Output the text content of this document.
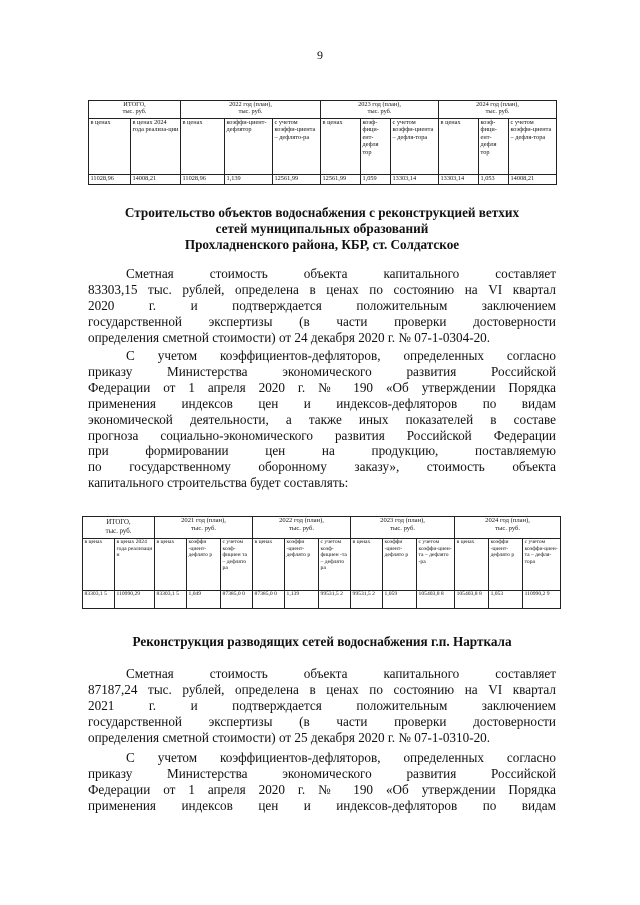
9
ИТОГО,
тыс. руб.		2022 год (план),
тыс. руб.			2023 год (план),
тыс. руб.			2024 год (план),
тыс. руб.		

в ценах	в ценах 2024 года реализа-ции	в ценах	коэффи-циент-дефлятор	с учетом коэффи-циента – дефлято-ра	в ценах	коэф-фици-ент-дефля тор	с учетом коэффи-циента – дефля-тора	в ценах	коэф-фици-ент-дефля тор	с учетом коэффи-циента – дефля-тора
11028,96	14008,21	11028,96	1,139	12561,99	12561,99	1,059	13303,14	13303,14	1,053	14008,21
Строительство объектов водоснабжения с реконструкцией ветхих
сетей муниципальных образований
Прохладненского района, КБР, ст. Солдатское
Сметная стоимость объекта капитального составляет
83303,15 тыс. рублей, определена в ценах по состоянию на VI квартал
2020 г. и подтверждается положительным заключением
государственной экспертизы (в части проверки достоверности
определения сметной стоимости) от 24 декабря 2020 г. № 07-1-0304-20.
С учетом коэффициентов-дефляторов, определенных согласно
приказу Министерства экономического развития Российской
Федерации от 1 апреля 2020 г. № 190 «Об утверждении Порядка
применения индексов цен и индексов-дефляторов по видам
экономической деятельности, а также иных показателей в составе
прогноза социально-экономического развития Российской Федерации
при формировании цен на продукцию, поставляемую
по государственному оборонному заказу», стоимость объекта
капитального строительства будет составлять:
ИТОГО,
тыс. руб.		2021 год (план),
тыс. руб.			2022 год (план),
тыс. руб.			2023 год (план),
тыс. руб.			2024 год (план),
тыс. руб.		

в ценах	в ценах 2024 года реализаци и	в ценах	коэффи -циент-дефлято р	с учетом коэф-фициен та – дефлято ра	в ценах	коэффи -циент-дефлято р	с учетом коэф-фициен -та – дефлято ра	в ценах	коэффи -циент-дефлято р	с учетом коэффи-циен-та – дефлято -ра	в ценах	коэффи -циент-дефлято р	с учетом коэффи-циен-та – дефля-тора
83303,1 5	110990,29	83303,1 5	1,049	87385,0 0	87385,0 0	1,139	99531,5 2	99531,5 2	1,059	105403,8 8	105403,8 8	1,053	110990,2 9
Реконструкция разводящих сетей водоснабжения г.п. Нарткала
Сметная стоимость объекта капитального составляет
87187,24 тыс. рублей, определена в ценах по состоянию на VI квартал
2021 г. и подтверждается положительным заключением
государственной экспертизы (в части проверки достоверности
определения сметной стоимости) от 25 декабря 2020 г. № 07-1-0310-20.
С учетом коэффициентов-дефляторов, определенных согласно
приказу Министерства экономического развития Российской
Федерации от 1 апреля 2020 г. № 190 «Об утверждении Порядка
применения индексов цен и индексов-дефляторов по видам
